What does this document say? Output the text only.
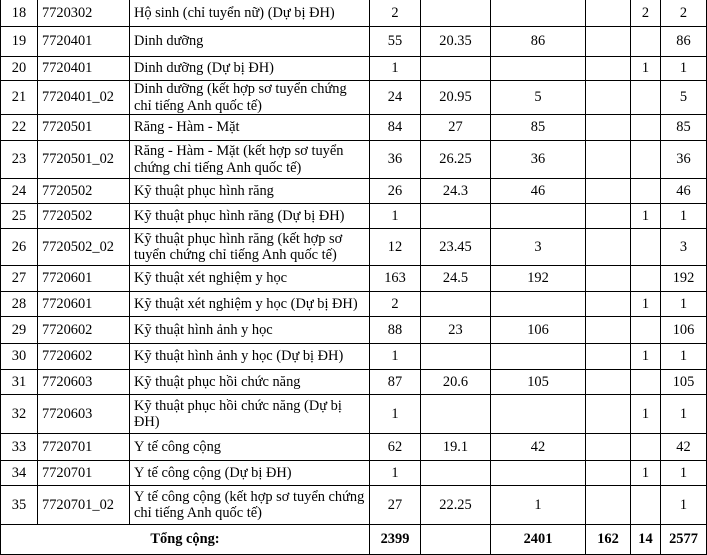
18	7720302	Hộ sinh (chỉ tuyển nữ) (Dự bị ĐH)	2				2	2
19	7720401	Dinh dưỡng	55	20.35	86			86
20	7720401	Dinh dưỡng (Dự bị ĐH)	1				1	1
21	7720401_02	Dinh dưỡng (kết hợp sơ tuyển chứng chỉ tiếng Anh quốc tế)	24	20.95	5			5
22	7720501	Răng - Hàm - Mặt	84	27	85			85
23	7720501_02	Răng - Hàm - Mặt (kết hợp sơ tuyển chứng chỉ tiếng Anh quốc tế)	36	26.25	36			36
24	7720502	Kỹ thuật phục hình răng	26	24.3	46			46
25	7720502	Kỹ thuật phục hình răng (Dự bị ĐH)	1				1	1
26	7720502_02	Kỹ thuật phục hình răng (kết hợp sơ tuyển chứng chỉ tiếng Anh quốc tế)	12	23.45	3			3
27	7720601	Kỹ thuật xét nghiệm y học	163	24.5	192			192
28	7720601	Kỹ thuật xét nghiệm y học (Dự bị ĐH)	2				1	1
29	7720602	Kỹ thuật hình ảnh y học	88	23	106			106
30	7720602	Kỹ thuật hình ảnh y học (Dự bị ĐH)	1				1	1
31	7720603	Kỹ thuật phục hồi chức năng	87	20.6	105			105
32	7720603	Kỹ thuật phục hồi chức năng (Dự bị ĐH)	1				1	1
33	7720701	Y tế công cộng	62	19.1	42			42
34	7720701	Y tế công cộng (Dự bị ĐH)	1				1	1
35	7720701_02	Y tế công cộng (kết hợp sơ tuyển chứng chỉ tiếng Anh quốc tế)	27	22.25	1			1
Tổng cộng:			2399		2401	162	14	2577
